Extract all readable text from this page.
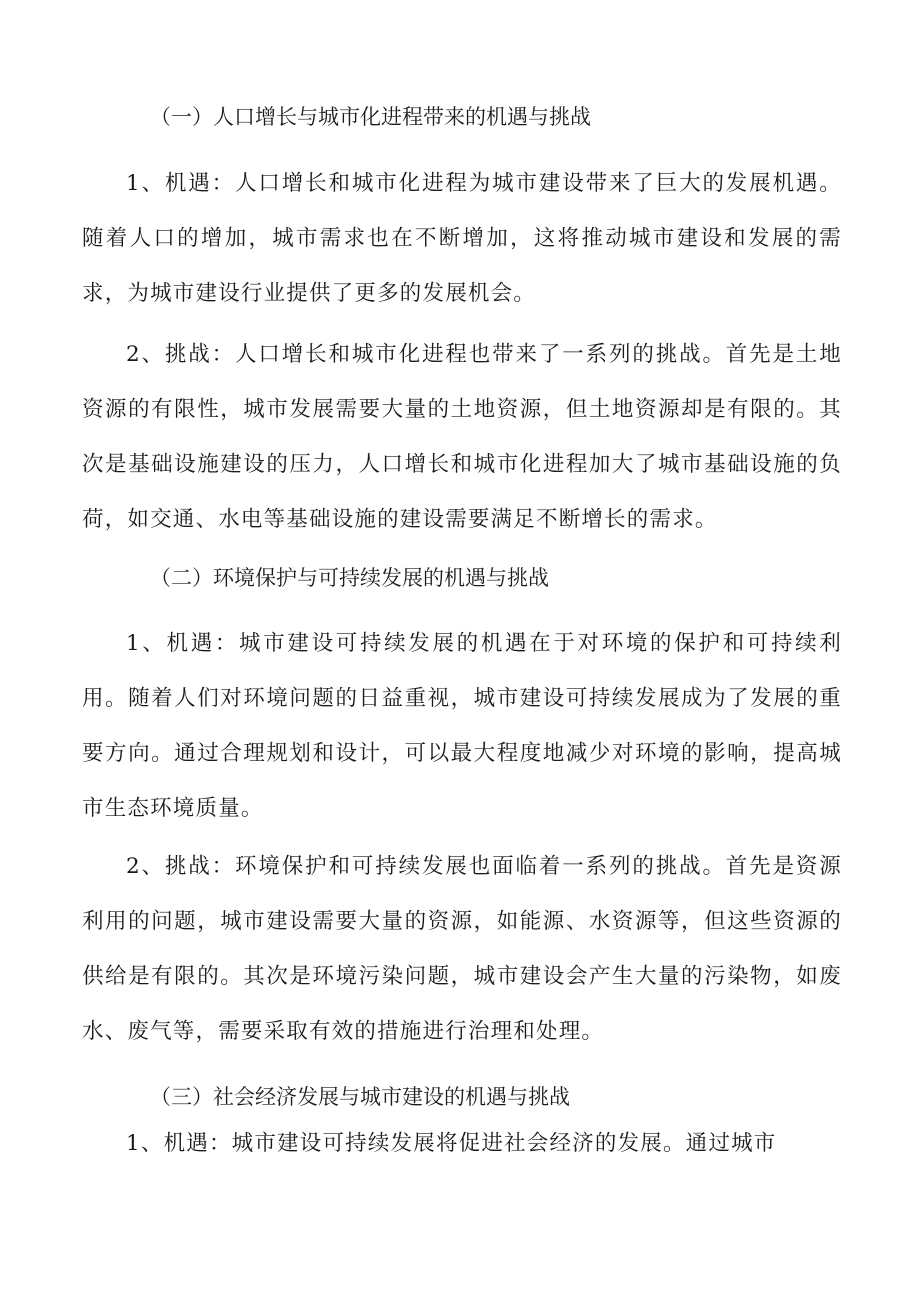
（一）人口增长与城市化进程带来的机遇与挑战

1、机遇：人口增长和城市化进程为城市建设带来了巨大的发展机遇。随着人口的增加，城市需求也在不断增加，这将推动城市建设和发展的需求，为城市建设行业提供了更多的发展机会。

2、挑战：人口增长和城市化进程也带来了一系列的挑战。首先是土地资源的有限性，城市发展需要大量的土地资源，但土地资源却是有限的。其次是基础设施建设的压力，人口增长和城市化进程加大了城市基础设施的负荷，如交通、水电等基础设施的建设需要满足不断增长的需求。

（二）环境保护与可持续发展的机遇与挑战

1、机遇：城市建设可持续发展的机遇在于对环境的保护和可持续利用。随着人们对环境问题的日益重视，城市建设可持续发展成为了发展的重要方向。通过合理规划和设计，可以最大程度地减少对环境的影响，提高城市生态环境质量。

2、挑战：环境保护和可持续发展也面临着一系列的挑战。首先是资源利用的问题，城市建设需要大量的资源，如能源、水资源等，但这些资源的供给是有限的。其次是环境污染问题，城市建设会产生大量的污染物，如废水、废气等，需要采取有效的措施进行治理和处理。

（三）社会经济发展与城市建设的机遇与挑战

1、机遇：城市建设可持续发展将促进社会经济的发展。通过城市
